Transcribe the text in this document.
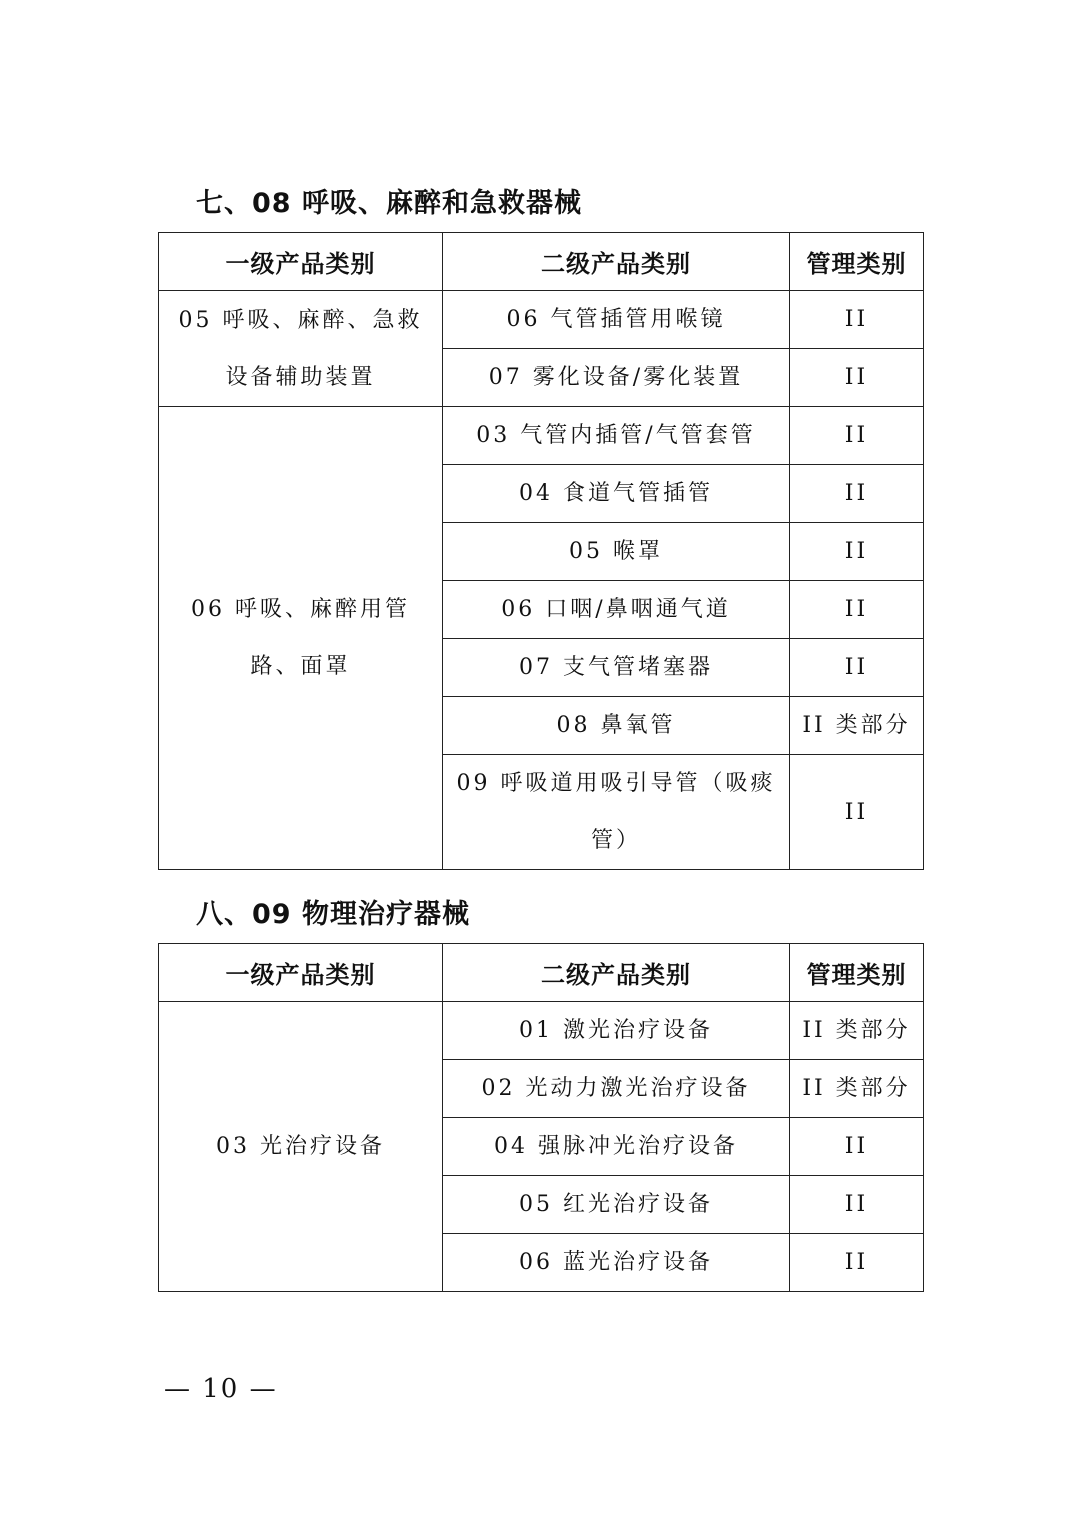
七、08 呼吸、麻醉和急救器械
一级产品类别	二级产品类别	管理类别
05 呼吸、麻醉、急救设备辅助装置	06 气管插管用喉镜	II
	07 雾化设备/雾化装置	II
06 呼吸、麻醉用管路、面罩	03 气管内插管/气管套管	II
	04 食道气管插管	II
	05 喉罩	II
	06 口咽/鼻咽通气道	II
	07 支气管堵塞器	II
	08 鼻氧管	II 类部分
	09 呼吸道用吸引导管（吸痰管）	II
八、09 物理治疗器械
一级产品类别	二级产品类别	管理类别
03 光治疗设备	01 激光治疗设备	II 类部分
	02 光动力激光治疗设备	II 类部分
	04 强脉冲光治疗设备	II
	05 红光治疗设备	II
	06 蓝光治疗设备	II

— 10 —
